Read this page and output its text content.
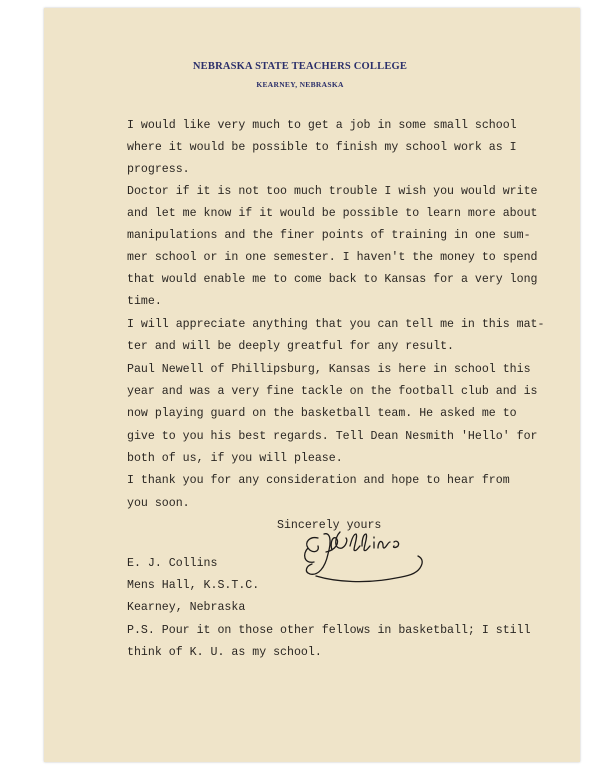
NEBRASKA STATE TEACHERS COLLEGE
KEARNEY, NEBRASKA
I would like very much to get a job in some small school
where it would be possible to finish my school work as I
progress.
Doctor if it is not too much trouble I wish you would write
and let me know if it would be possible to learn more about
manipulations and the finer points of training in one sum-
mer school or in one semester. I haven't the money to spend
that would enable me to come back to Kansas for a very long
time.
I will appreciate anything that you can tell me in this mat-
ter and will be deeply greatful for any result.
Paul Newell of Phillipsburg, Kansas is here in school this
year and was a very fine tackle on the football club and is
now playing guard on the basketball team. He asked me to
give to you his best regards. Tell Dean Nesmith 'Hello' for
both of us, if you will please.
I thank you for any consideration and hope to hear from
you soon.
Sincerely yours
E. J. Collins
Mens Hall, K.S.T.C.
Kearney, Nebraska
P.S. Pour it on those other fellows in basketball; I still
think of K. U. as my school.
